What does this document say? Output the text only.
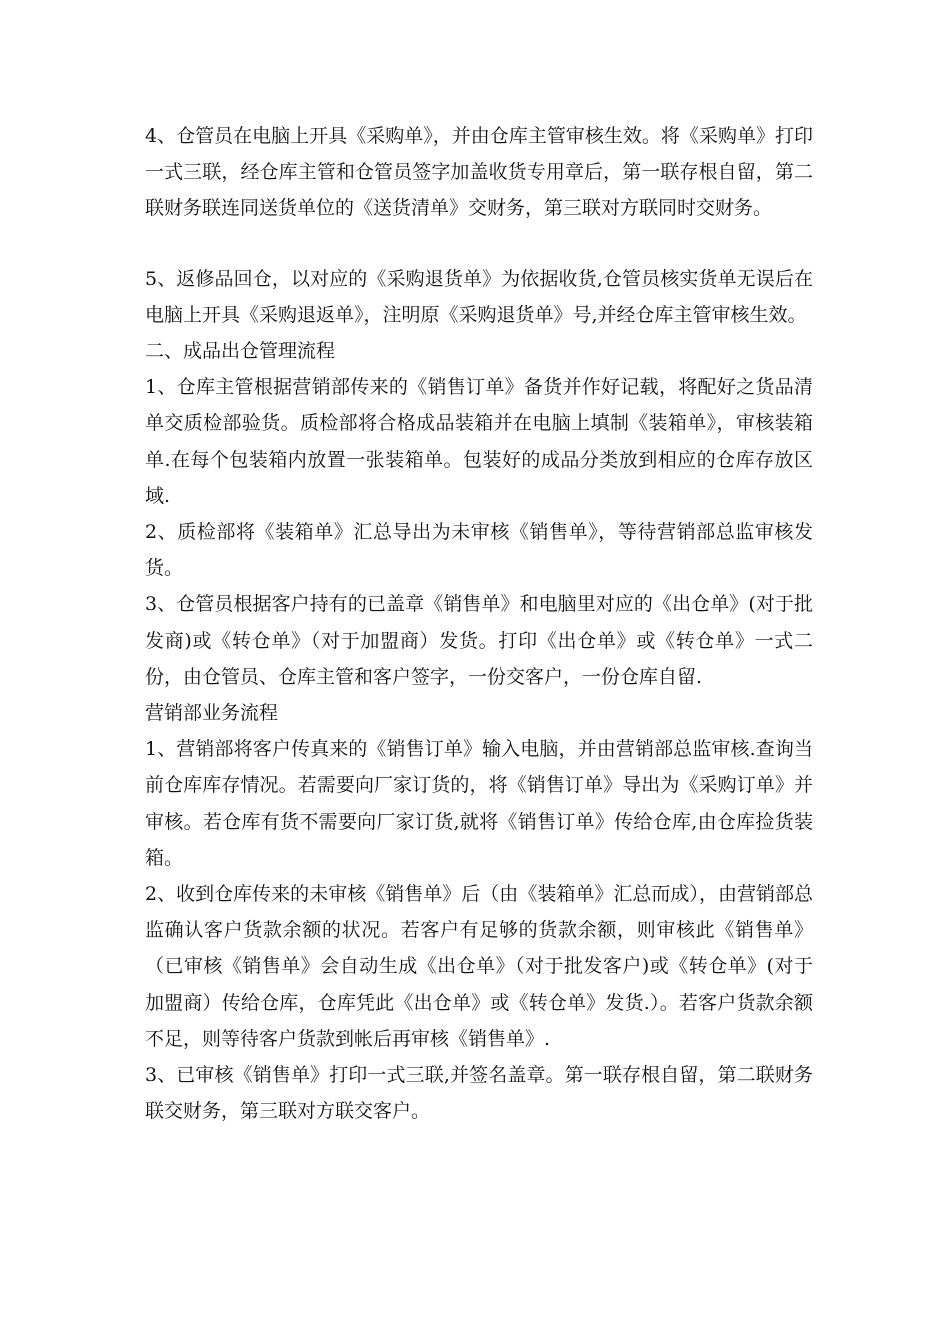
4、仓管员在电脑上开具《采购单》，并由仓库主管审核生效。将《采购单》打印一式三联，经仓库主管和仓管员签字加盖收货专用章后，第一联存根自留，第二联财务联连同送货单位的《送货清单》交财务，第三联对方联同时交财务。

5、返修品回仓，以对应的《采购退货单》为依据收货,仓管员核实货单无误后在电脑上开具《采购退返单》，注明原《采购退货单》号,并经仓库主管审核生效。

二、成品出仓管理流程

1、仓库主管根据营销部传来的《销售订单》备货并作好记载，将配好之货品清单交质检部验货。质检部将合格成品装箱并在电脑上填制《装箱单》，审核装箱单.在每个包装箱内放置一张装箱单。包装好的成品分类放到相应的仓库存放区域.

2、质检部将《装箱单》汇总导出为未审核《销售单》，等待营销部总监审核发货。

3、仓管员根据客户持有的已盖章《销售单》和电脑里对应的《出仓单》(对于批发商)或《转仓单》（对于加盟商）发货。打印《出仓单》或《转仓单》一式二份，由仓管员、仓库主管和客户签字，一份交客户，一份仓库自留.

营销部业务流程

1、营销部将客户传真来的《销售订单》输入电脑，并由营销部总监审核.查询当前仓库库存情况。若需要向厂家订货的，将《销售订单》导出为《采购订单》并审核。若仓库有货不需要向厂家订货,就将《销售订单》传给仓库,由仓库捡货装箱。

2、收到仓库传来的未审核《销售单》后（由《装箱单》汇总而成），由营销部总监确认客户货款余额的状况。若客户有足够的货款余额，则审核此《销售单》（已审核《销售单》会自动生成《出仓单》（对于批发客户)或《转仓单》(对于加盟商）传给仓库，仓库凭此《出仓单》或《转仓单》发货.）。若客户货款余额不足，则等待客户货款到帐后再审核《销售单》.

3、已审核《销售单》打印一式三联,并签名盖章。第一联存根自留，第二联财务联交财务，第三联对方联交客户。
